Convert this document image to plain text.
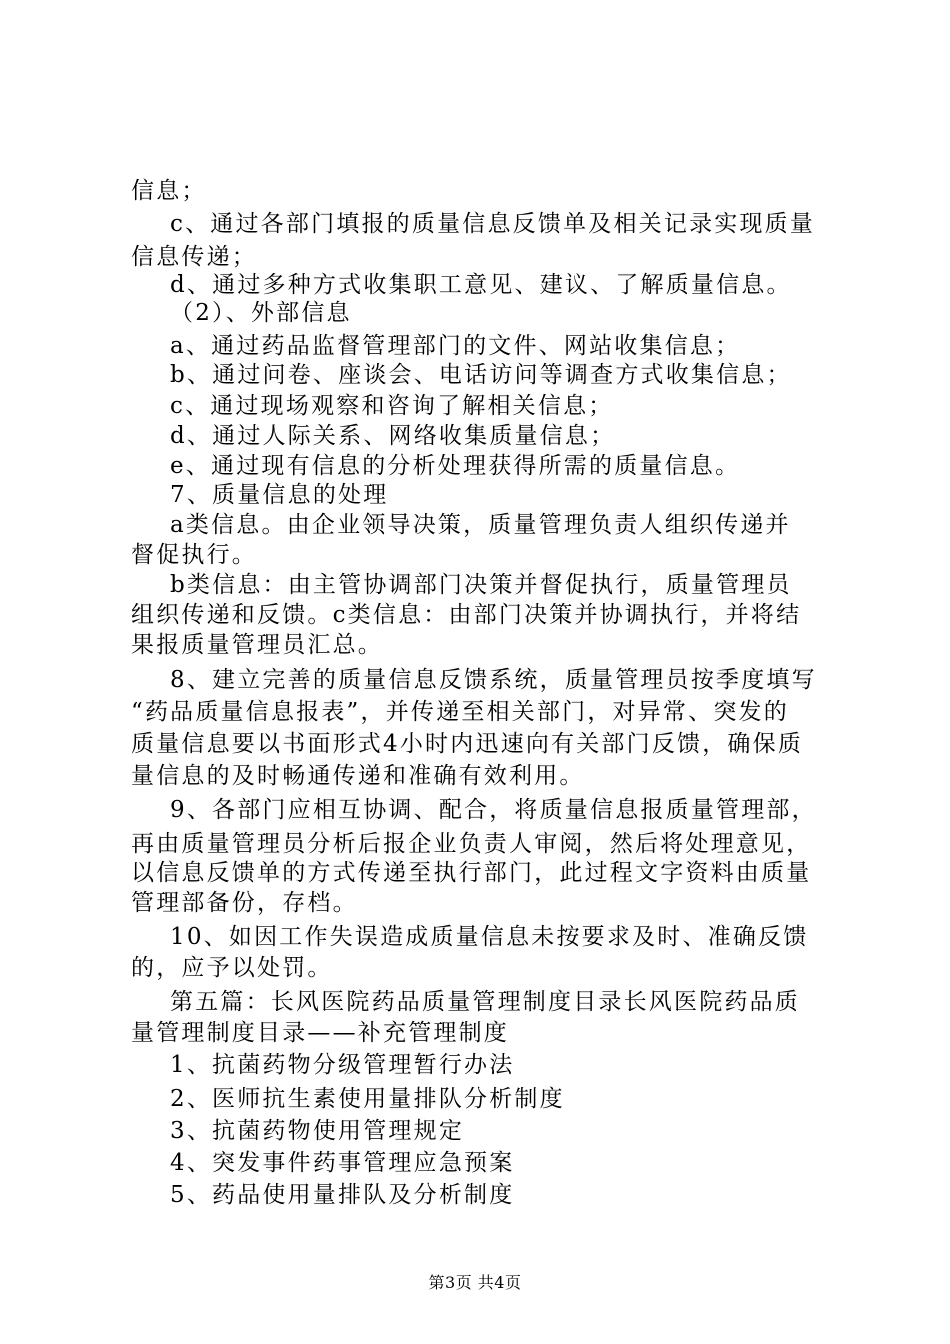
信息；
c、通过各部门填报的质量信息反馈单及相关记录实现质量
信息传递；
d、通过多种方式收集职工意见、建议、了解质量信息。
（2）、外部信息
a、通过药品监督管理部门的文件、网站收集信息；
b、通过问卷、座谈会、电话访问等调查方式收集信息；
c、通过现场观察和咨询了解相关信息；
d、通过人际关系、网络收集质量信息；
e、通过现有信息的分析处理获得所需的质量信息。
7、质量信息的处理
a类信息。由企业领导决策，质量管理负责人组织传递并
督促执行。
b类信息：由主管协调部门决策并督促执行，质量管理员
组织传递和反馈。c类信息：由部门决策并协调执行，并将结
果报质量管理员汇总。
8、建立完善的质量信息反馈系统，质量管理员按季度填写
“药品质量信息报表”，并传递至相关部门，对异常、突发的
质量信息要以书面形式4小时内迅速向有关部门反馈，确保质
量信息的及时畅通传递和准确有效利用。
9、各部门应相互协调、配合，将质量信息报质量管理部，
再由质量管理员分析后报企业负责人审阅，然后将处理意见，
以信息反馈单的方式传递至执行部门，此过程文字资料由质量
管理部备份，存档。
10、如因工作失误造成质量信息未按要求及时、准确反馈
的，应予以处罚。
第五篇：长风医院药品质量管理制度目录长风医院药品质
量管理制度目录——补充管理制度
1、抗菌药物分级管理暂行办法
2、医师抗生素使用量排队分析制度
3、抗菌药物使用管理规定
4、突发事件药事管理应急预案
5、药品使用量排队及分析制度
第3页 共4页
